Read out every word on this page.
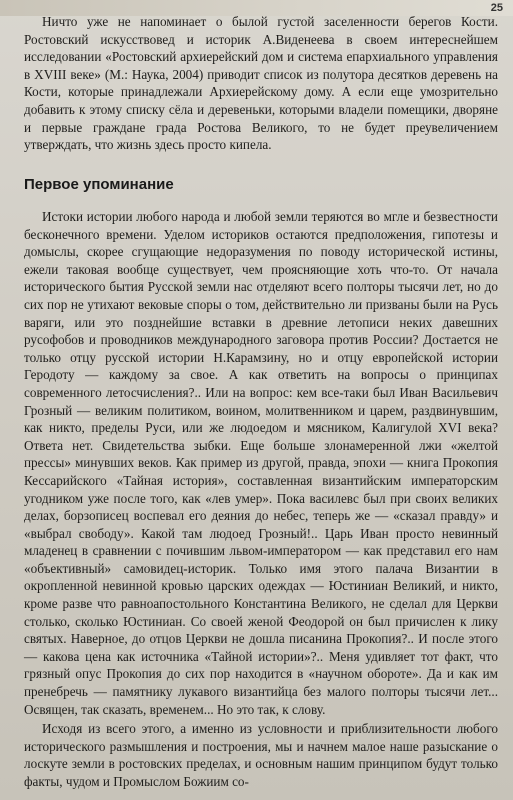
25

Ничто уже не напоминает о былой густой заселенности берегов Кости. Ростовский искусствовед и историк А.Виденеева в своем интереснейшем исследовании «Ростовский архиерейский дом и система епархиального управления в XVIII веке» (М.: Наука, 2004) приводит список из полутора десятков деревень на Кости, которые принадлежали Архиерейскому дому. А если еще умозрительно добавить к этому списку сёла и деревеньки, которыми владели помещики, дворяне и первые граждане града Ростова Великого, то не будет преувеличением утверждать, что жизнь здесь просто кипела.

Первое упоминание

Истоки истории любого народа и любой земли теряются во мгле и безвестности бесконечного времени. Уделом историков остаются предположения, гипотезы и домыслы, скорее сгущающие недоразумения по поводу исторической истины, ежели таковая вообще существует, чем проясняющие хоть что-то. От начала исторического бытия Русской земли нас отделяют всего полторы тысячи лет, но до сих пор не утихают вековые споры о том, действительно ли призваны были на Русь варяги, или это позднейшие вставки в древние летописи неких давешних русофобов и проводников международного заговора против России? Достается не только отцу русской истории Н.Карамзину, но и отцу европейской истории Геродоту — каждому за свое. А как ответить на вопросы о принципах современного летосчисления?.. Или на вопрос: кем все-таки был Иван Васильевич Грозный — великим политиком, воином, молитвенником и царем, раздвинувшим, как никто, пределы Руси, или же людоедом и мясником, Калигулой XVI века? Ответа нет. Свидетельства зыбки. Еще больше злонамеренной лжи «желтой прессы» минувших веков. Как пример из другой, правда, эпохи — книга Прокопия Кессарийского «Тайная история», составленная византийским императорским угодником уже после того, как «лев умер». Пока василевс был при своих великих делах, борзописец воспевал его деяния до небес, теперь же — «сказал правду» и «выбрал свободу». Какой там людоед Грозный!.. Царь Иван просто невинный младенец в сравнении с почившим львом-императором — как представил его нам «объективный» самовидец-историк. Только имя этого палача Византии в окропленной невинной кровью царских одеждах — Юстиниан Великий, и никто, кроме разве что равноапостольного Константина Великого, не сделал для Церкви столько, сколько Юстиниан. Со своей женой Феодорой он был причислен к лику святых. Наверное, до отцов Церкви не дошла писанина Прокопия?.. И после этого — какова цена как источника «Тайной истории»?.. Меня удивляет тот факт, что грязный опус Прокопия до сих пор находится в «научном обороте». Да и как им пренебречь — памятнику лукавого византийца без малого полторы тысячи лет... Освящен, так сказать, временем... Но это так, к слову.

Исходя из всего этого, а именно из условности и приблизительности любого исторического размышления и построения, мы и начнем малое наше разыскание о лоскуте земли в ростовских пределах, и основным нашим принципом будут только факты, чудом и Промыслом Божиим со-
